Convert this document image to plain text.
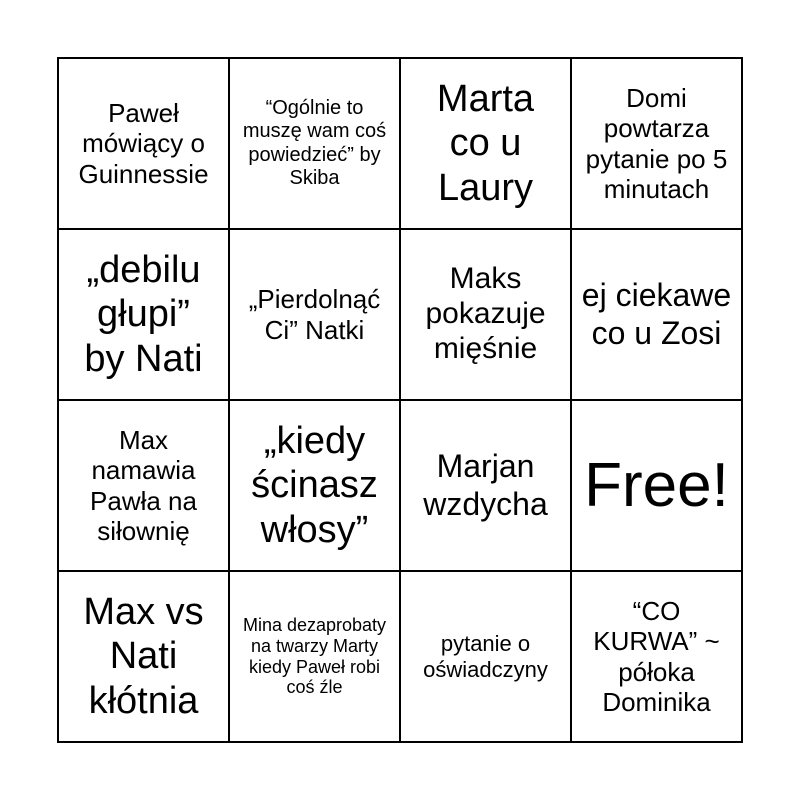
Paweł mówiący o Guinnessie
“Ogólnie to muszę wam coś powiedzieć” by Skiba
Marta co u Laury
Domi powtarza pytanie po 5 minutach
„debilu głupi” by Nati
„Pierdolnąć Ci” Natki
Maks pokazuje mięśnie
ej ciekawe co u Zosi
Max namawia Pawła na siłownię
„kiedy ścinasz włosy”
Marjan wzdycha Free!
Max vs Nati kłótnia
Mina dezaprobaty na twarzy Marty kiedy Paweł robi coś źle
pytanie o oświadczyny
“CO KURWA” ~ półoka Dominika
